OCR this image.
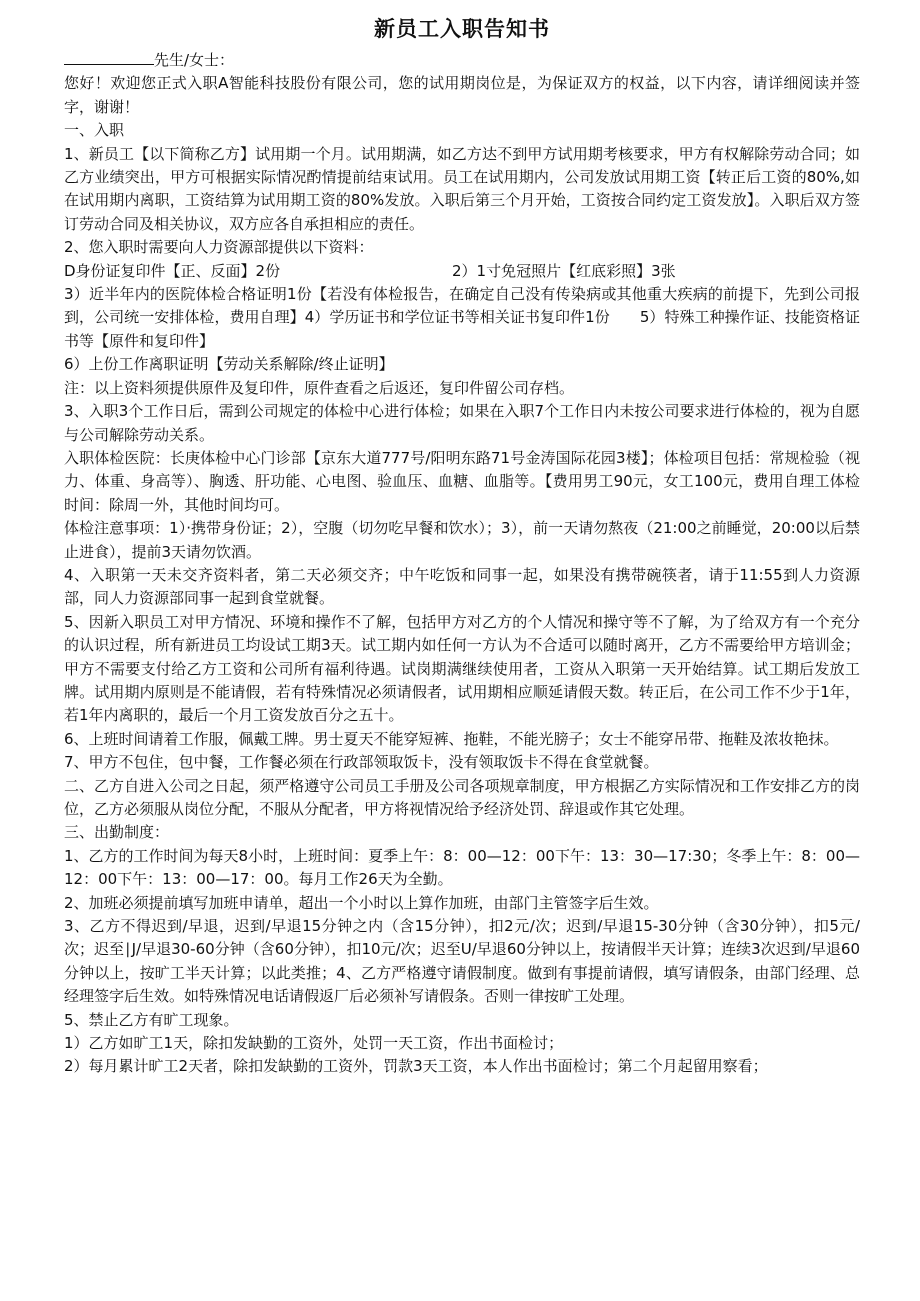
新员工入职告知书

先生/女士：

您好！欢迎您正式入职A智能科技股份有限公司，您的试用期岗位是，为保证双方的权益，以下内容，请详细阅读并签字，谢谢！

一、入职

1、新员工【以下简称乙方】试用期一个月。试用期满，如乙方达不到甲方试用期考核要求，甲方有权解除劳动合同；如乙方业绩突出，甲方可根据实际情况酌情提前结束试用。员工在试用期内，公司发放试用期工资【转正后工资的80%,如在试用期内离职，工资结算为试用期工资的80%发放。入职后第三个月开始，工资按合同约定工资发放】。入职后双方签订劳动合同及相关协议，双方应各自承担相应的责任。

2、您入职时需要向人力资源部提供以下资料：

D身份证复印件【正、反面】2份	2）1寸免冠照片【红底彩照】3张

3）近半年内的医院体检合格证明1份【若没有体检报告，在确定自己没有传染病或其他重大疾病的前提下，先到公司报到，公司统一安排体检，费用自理】4）学历证书和学位证书等相关证书复印件1份　　5）特殊工种操作证、技能资格证书等【原件和复印件】

6）上份工作离职证明【劳动关系解除/终止证明】

注：以上资料须提供原件及复印件，原件查看之后返还，复印件留公司存档。

3、入职3个工作日后，需到公司规定的体检中心进行体检；如果在入职7个工作日内未按公司要求进行体检的，视为自愿与公司解除劳动关系。

入职体检医院：长庚体检中心门诊部【京东大道777号/阳明东路71号金涛国际花园3楼】；体检项目包括：常规检验（视力、体重、身高等）、胸透、肝功能、心电图、验血压、血糖、血脂等。【费用男工90元，女工100元，费用自理工体检时间：除周一外，其他时间均可。

体检注意事项：1）·携带身份证；2），空腹（切勿吃早餐和饮水）；3），前一天请勿熬夜（21:00之前睡觉，20:00以后禁止进食），提前3天请勿饮酒。

4、入职第一天未交齐资料者，第二天必须交齐；中午吃饭和同事一起，如果没有携带碗筷者，请于11:55到人力资源部，同人力资源部同事一起到食堂就餐。

5、因新入职员工对甲方情况、环境和操作不了解，包括甲方对乙方的个人情况和操守等不了解，为了给双方有一个充分的认识过程，所有新进员工均设试工期3天。试工期内如任何一方认为不合适可以随时离开，乙方不需要给甲方培训金；甲方不需要支付给乙方工资和公司所有福利待遇。试岗期满继续使用者，工资从入职第一天开始结算。试工期后发放工牌。试用期内原则是不能请假，若有特殊情况必须请假者，试用期相应顺延请假天数。转正后，在公司工作不少于1年，若1年内离职的，最后一个月工资发放百分之五十。

6、上班时间请着工作服，佩戴工牌。男士夏天不能穿短裤、拖鞋，不能光膀子；女士不能穿吊带、拖鞋及浓妆艳抹。

7、甲方不包住，包中餐，工作餐必须在行政部领取饭卡，没有领取饭卡不得在食堂就餐。

二、乙方自进入公司之日起，须严格遵守公司员工手册及公司各项规章制度，甲方根据乙方实际情况和工作安排乙方的岗位，乙方必须服从岗位分配，不服从分配者，甲方将视情况给予经济处罚、辞退或作其它处理。

三、出勤制度：

1、乙方的工作时间为每天8小时，上班时间：夏季上午：8：00—12：00下午：13：30—17:30；冬季上午：8：00—12：00下午：13：00—17：00。每月工作26天为全勤。

2、加班必须提前填写加班申请单，超出一个小时以上算作加班，由部门主管签字后生效。

3、乙方不得迟到/早退，迟到/早退15分钟之内（含15分钟），扣2元/次；迟到/早退15-30分钟（含30分钟），扣5元/次；迟至∣J/早退30-60分钟（含60分钟），扣10元/次；迟至U/早退60分钟以上，按请假半天计算；连续3次迟到/早退60分钟以上，按旷工半天计算；以此类推；4、乙方严格遵守请假制度。做到有事提前请假，填写请假条，由部门经理、总经理签字后生效。如特殊情况电话请假返厂后必须补写请假条。否则一律按旷工处理。

5、禁止乙方有旷工现象。

1）乙方如旷工1天，除扣发缺勤的工资外，处罚一天工资，作出书面检讨；

2）每月累计旷工2天者，除扣发缺勤的工资外，罚款3天工资，本人作出书面检讨；第二个月起留用察看；
